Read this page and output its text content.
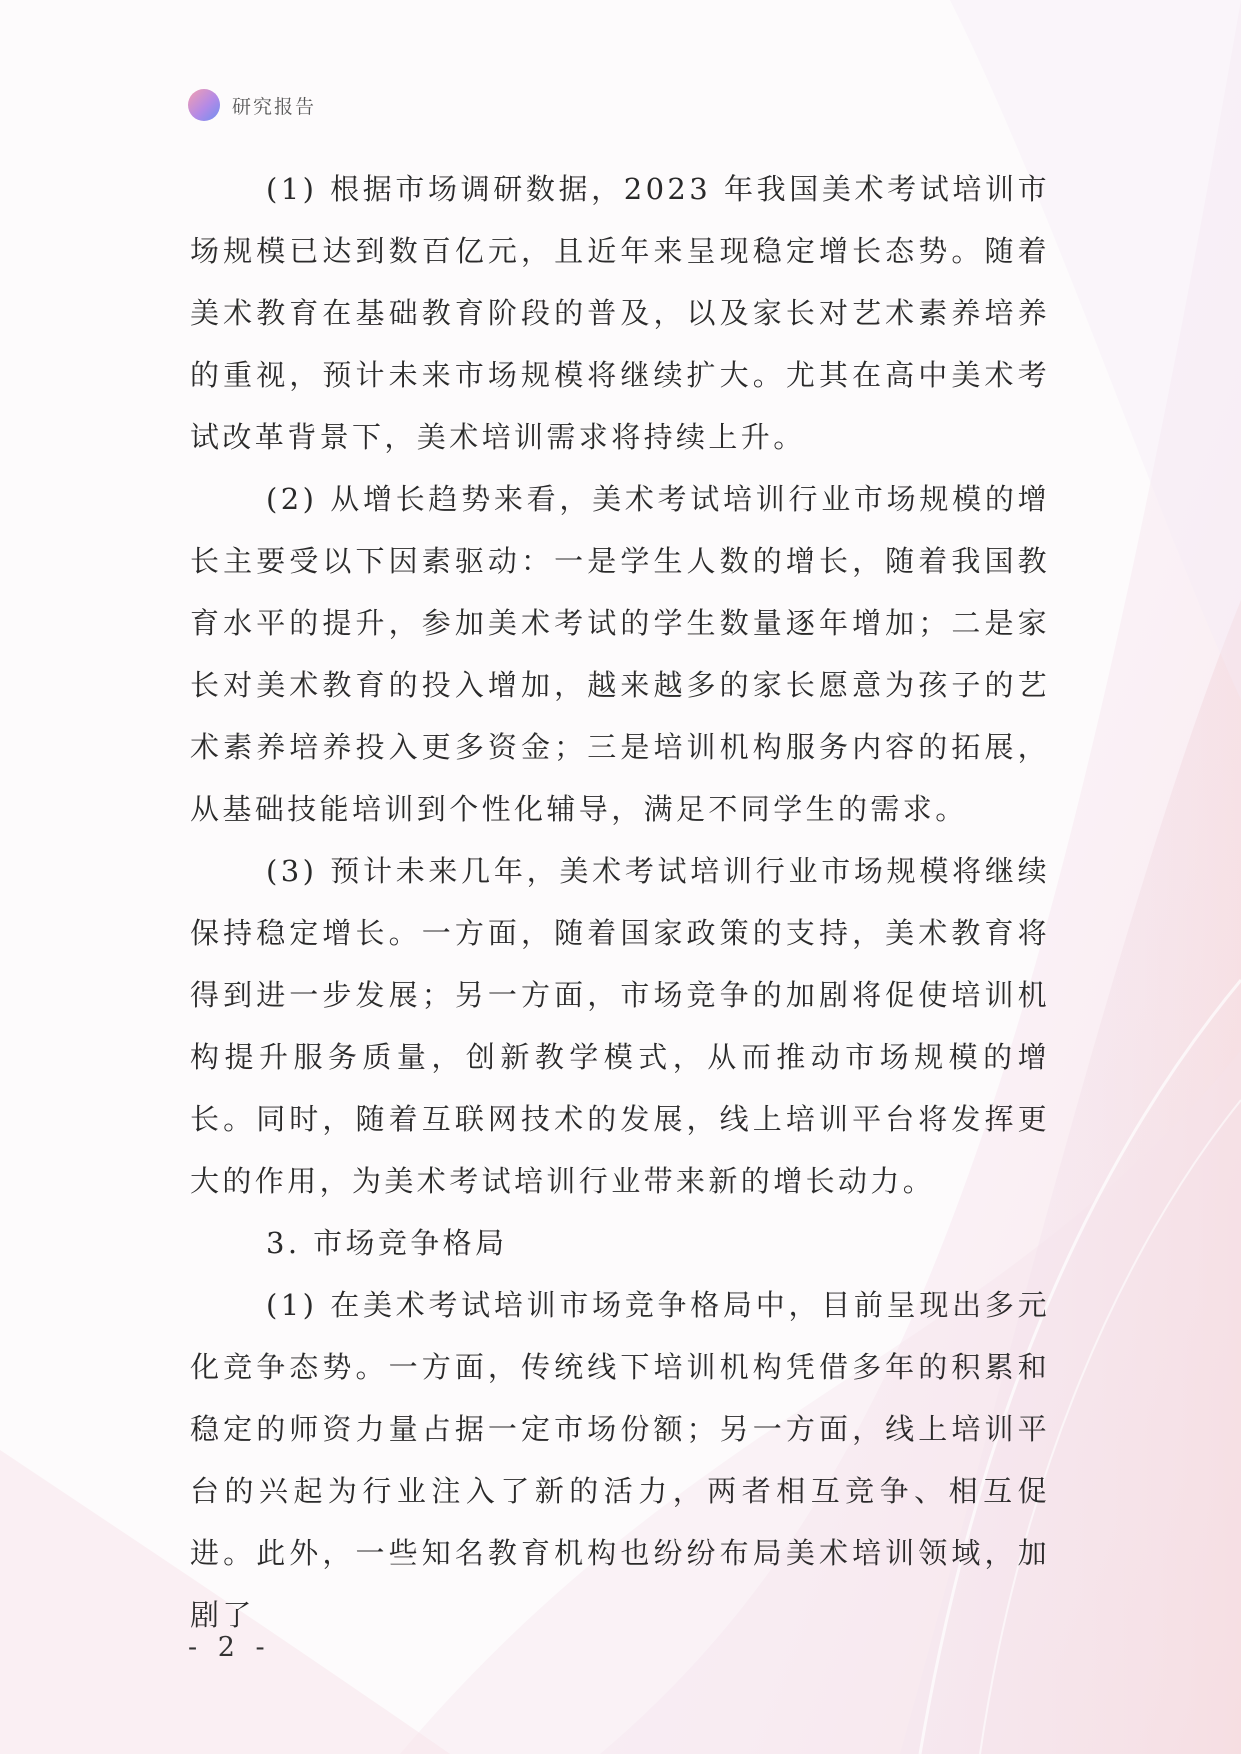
研究报告

(1) 根据市场调研数据，2023 年我国美术考试培训市场规模已达到数百亿元，且近年来呈现稳定增长态势。随着美术教育在基础教育阶段的普及，以及家长对艺术素养培养的重视，预计未来市场规模将继续扩大。尤其在高中美术考试改革背景下，美术培训需求将持续上升。

(2) 从增长趋势来看，美术考试培训行业市场规模的增长主要受以下因素驱动：一是学生人数的增长，随着我国教育水平的提升，参加美术考试的学生数量逐年增加；二是家长对美术教育的投入增加，越来越多的家长愿意为孩子的艺术素养培养投入更多资金；三是培训机构服务内容的拓展，从基础技能培训到个性化辅导，满足不同学生的需求。

(3) 预计未来几年，美术考试培训行业市场规模将继续保持稳定增长。一方面，随着国家政策的支持，美术教育将得到进一步发展；另一方面，市场竞争的加剧将促使培训机构提升服务质量，创新教学模式，从而推动市场规模的增长。同时，随着互联网技术的发展，线上培训平台将发挥更大的作用，为美术考试培训行业带来新的增长动力。

3. 市场竞争格局

(1) 在美术考试培训市场竞争格局中，目前呈现出多元化竞争态势。一方面，传统线下培训机构凭借多年的积累和稳定的师资力量占据一定市场份额；另一方面，线上培训平台的兴起为行业注入了新的活力，两者相互竞争、相互促进。此外，一些知名教育机构也纷纷布局美术培训领域，加剧了

- 2 -
